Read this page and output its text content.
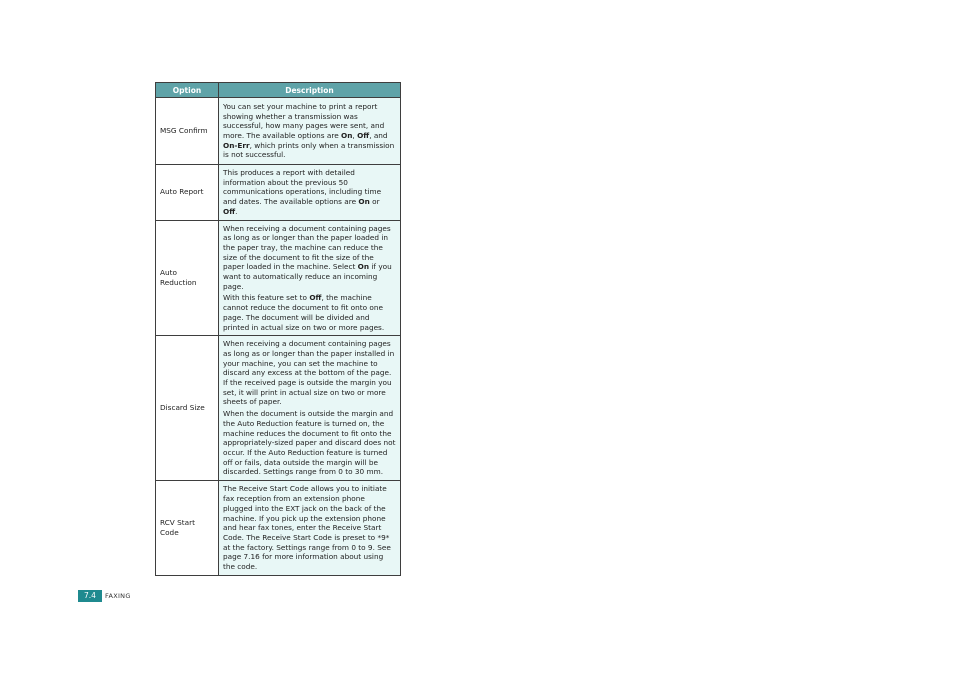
Option	Description
MSG Confirm	You can set your machine to print a report showing whether a transmission was successful, how many pages were sent, and more. The available options are On, Off, and On-Err, which prints only when a transmission is not successful.

Auto Report	This produces a report with detailed information about the previous 50 communications operations, including time and dates. The available options are On or Off.

Auto Reduction	When receiving a document containing pages as long as or longer than the paper loaded in the paper tray, the machine can reduce the size of the document to fit the size of the paper loaded in the machine. Select On if you want to automatically reduce an incoming page.

With this feature set to Off, the machine cannot reduce the document to fit onto one page. The document will be divided and printed in actual size on two or more pages.

Discard Size	When receiving a document containing pages as long as or longer than the paper installed in your machine, you can set the machine to discard any excess at the bottom of the page. If the received page is outside the margin you set, it will print in actual size on two or more sheets of paper.

When the document is outside the margin and the Auto Reduction feature is turned on, the machine reduces the document to fit onto the appropriately-sized paper and discard does not occur. If the Auto Reduction feature is turned off or fails, data outside the margin will be discarded. Settings range from 0 to 30 mm.

RCV Start Code	The Receive Start Code allows you to initiate fax reception from an extension phone plugged into the EXT jack on the back of the machine. If you pick up the extension phone and hear fax tones, enter the Receive Start Code. The Receive Start Code is preset to *9* at the factory. Settings range from 0 to 9. See page 7.16 for more information about using the code.

7.4	FAXING
